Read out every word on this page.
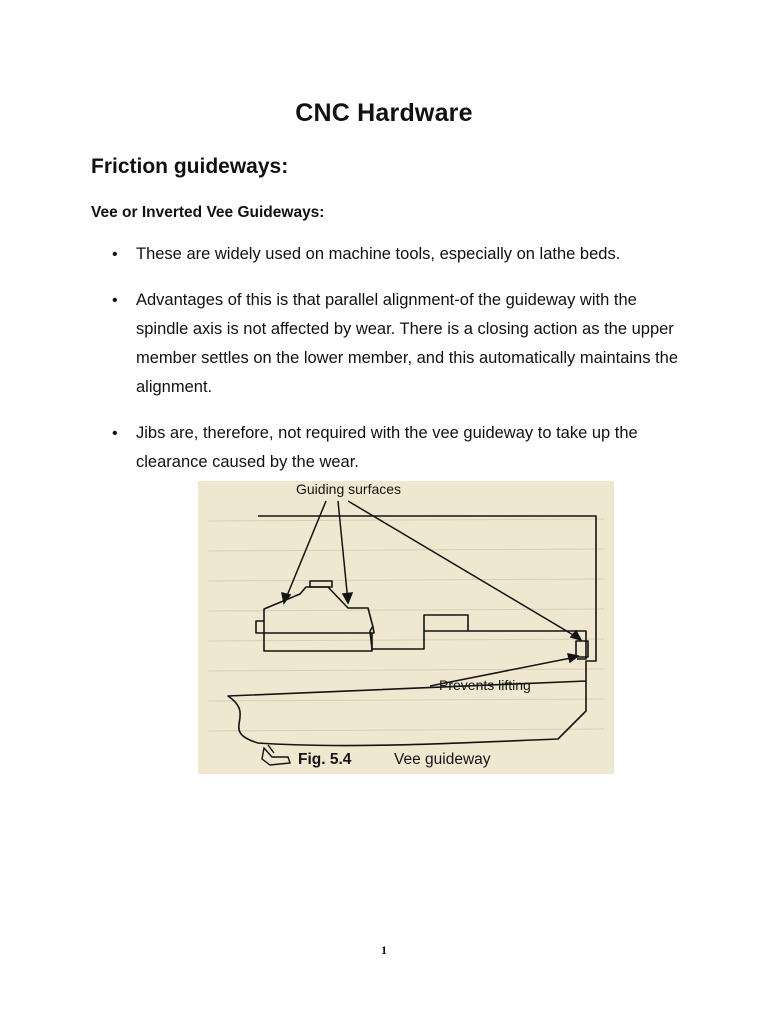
CNC Hardware
Friction guideways:
Vee or Inverted Vee Guideways:
• These are widely used on machine tools, especially on lathe beds.
• Advantages of this is that parallel alignment-of the guideway with the spindle axis is not affected by wear. There is a closing action as the upper member settles on the lower member, and this automatically maintains the alignment.
• Jibs are, therefore, not required with the vee guideway to take up the clearance caused by the wear.
Guiding surfaces
Prevents lifting
Fig. 5.4	Vee guideway
1
